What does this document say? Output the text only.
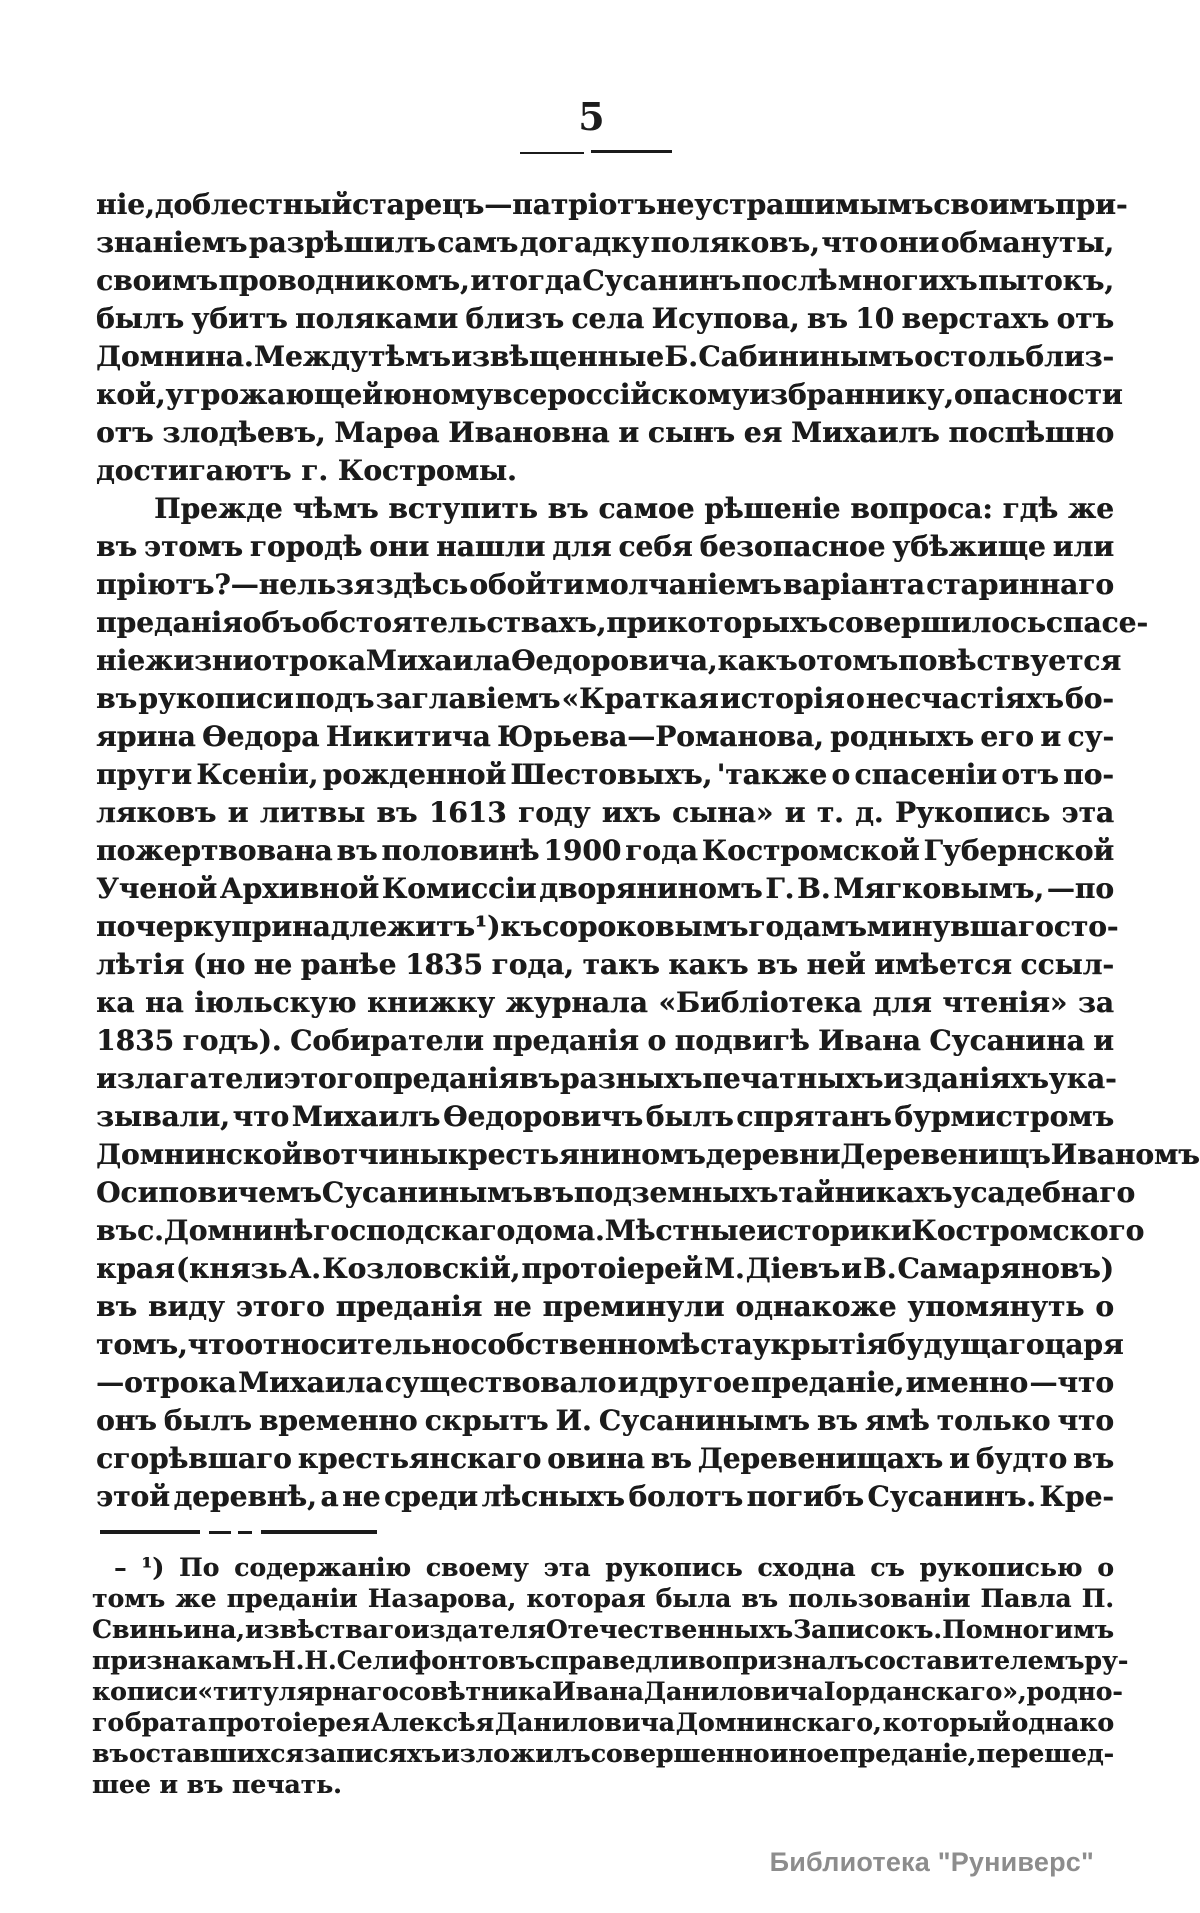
5
ніе, доблестный старецъ—патріотъ неустрашимымъ своимъ при-
знаніемъ разрѣшилъ самъ догадку поляковъ, что они обмануты,
своимъ проводникомъ, и тогда Сусанинъ послѣ многихъ пытокъ,
былъ убитъ поляками близъ села Исупова, въ 10 верстахъ отъ
Домнина. Между тѣмъ извѣщенные Б. Сабининымъ о столь близ-
кой, угрожающей юному всероссійскому избраннику, опасности
отъ злодѣевъ, Марѳа Ивановна и сынъ ея Михаилъ поспѣшно
достигаютъ г. Костромы.
Прежде чѣмъ вступить въ самое рѣшеніе вопроса: гдѣ же
въ этомъ городѣ они нашли для себя безопасное убѣжище или
пріютъ?—нельзя здѣсь обойти молчаніемъ варіанта стариннаго
преданія объ обстоятельствахъ, при которыхъ совершилось спасе-
ніе жизни отрока Михаила Ѳедоровича, какъ о томъ повѣствуется
въ рукописи подъ заглавіемъ «Краткая исторія о несчастіяхъ бо-
ярина Ѳедора Никитича Юрьева—Романова, родныхъ его и су-
пруги Ксеніи, рожденной Шестовыхъ, 'также о спасеніи отъ по-
ляковъ и литвы въ 1613 году ихъ сына» и т. д. Рукопись эта
пожертвована въ половинѣ 1900 года Костромской Губернской
Ученой Архивной Комиссіи дворяниномъ Г. В. Мягковымъ, —по
почерку принадлежитъ ¹) къ сороковымъ годамъ минувшаго сто-
лѣтія (но не ранѣе 1835 года, такъ какъ въ ней имѣется ссыл-
ка на іюльскую книжку журнала «Библіотека для чтенія» за
1835 годъ). Собиратели преданія о подвигѣ Ивана Сусанина и
излагатели этого преданія въ разныхъ печатныхъ изданіяхъ ука-
зывали, что Михаилъ Ѳедоровичъ былъ спрятанъ бурмистромъ
Домнинской вотчины крестьяниномъ деревни Деревенищъ Иваномъ
Осиповичемъ Сусанинымъ въ подземныхъ тайникахъ усадебнаго
въ с. Домнинѣ господскаго дома. Мѣстные историки Костромского
края (князь А. Козловскій, протоіерей М. Діевъ и В. Самаряновъ)
въ виду этого преданія не преминули однакоже упомянуть о
томъ, что относительно собственно мѣста укрытія будущаго царя
—отрока Михаила существовало и другое преданіе, именно —что
онъ былъ временно скрытъ И. Сусанинымъ въ ямѣ только что
сгорѣвшаго крестьянскаго овина въ Деревенищахъ и будто въ
этой деревнѣ, а не среди лѣсныхъ болотъ погибъ Сусанинъ. Кре-
– ¹) По содержанію своему эта рукопись сходна съ рукописью о
томъ же преданіи Назарова, которая была въ пользованіи Павла П.
Свиньина, извѣстваго издателя Отечественныхъ Записокъ. По многимъ
признакамъ Н. Н. Селифонтовъ справедливо призналъ составителемъ ру-
кописи «титулярнаго совѣтника Ивана Даниловича Іорданскаго», родно-
го брата протоіерея Алексѣя Даниловича Домнинскаго, который однако
въ оставшихся записяхъ изложилъ совершенно иное преданіе, перешед-
шее и въ печать.
Библиотека "Руниверс"
